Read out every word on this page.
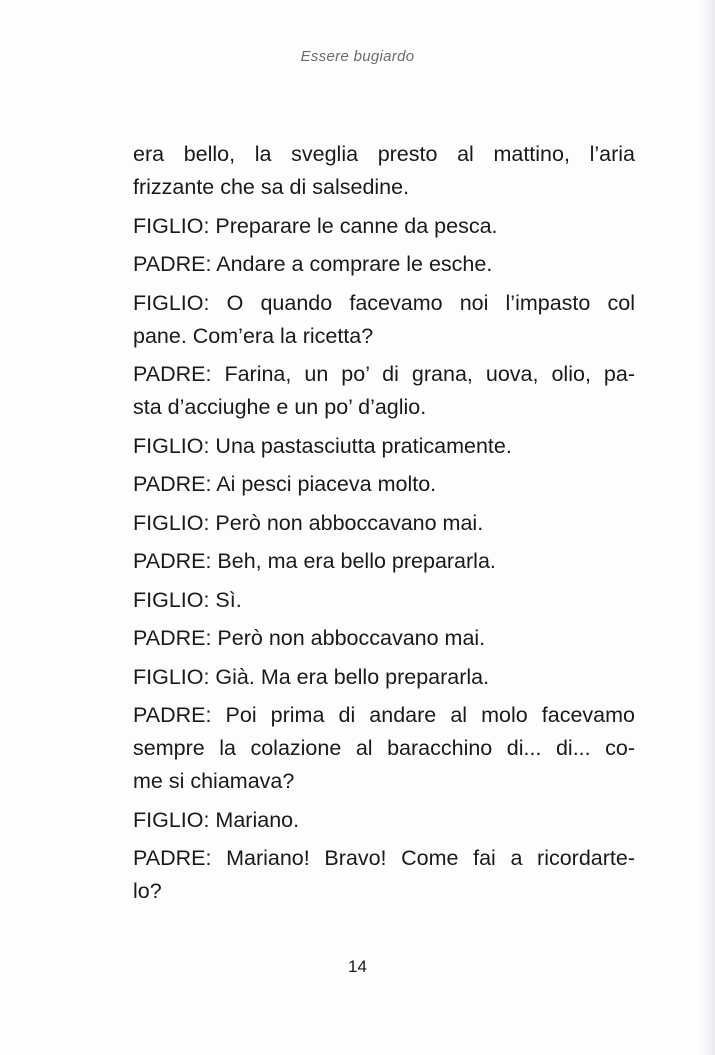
Essere bugiardo

era bello, la sveglia presto al mattino, l’aria
frizzante che sa di salsedine.

FIGLIO: Preparare le canne da pesca.

PADRE: Andare a comprare le esche.

FIGLIO: O quando facevamo noi l’impasto col
pane. Com’era la ricetta?

PADRE: Farina, un po’ di grana, uova, olio, pa-
sta d’acciughe e un po’ d’aglio.

FIGLIO: Una pastasciutta praticamente.

PADRE: Ai pesci piaceva molto.

FIGLIO: Però non abboccavano mai.

PADRE: Beh, ma era bello prepararla.

FIGLIO: Sì.

PADRE: Però non abboccavano mai.

FIGLIO: Già. Ma era bello prepararla.

PADRE: Poi prima di andare al molo facevamo
sempre la colazione al baracchino di... di... co-
me si chiamava?

FIGLIO: Mariano.

PADRE: Mariano! Bravo! Come fai a ricordarte-
lo?

14
